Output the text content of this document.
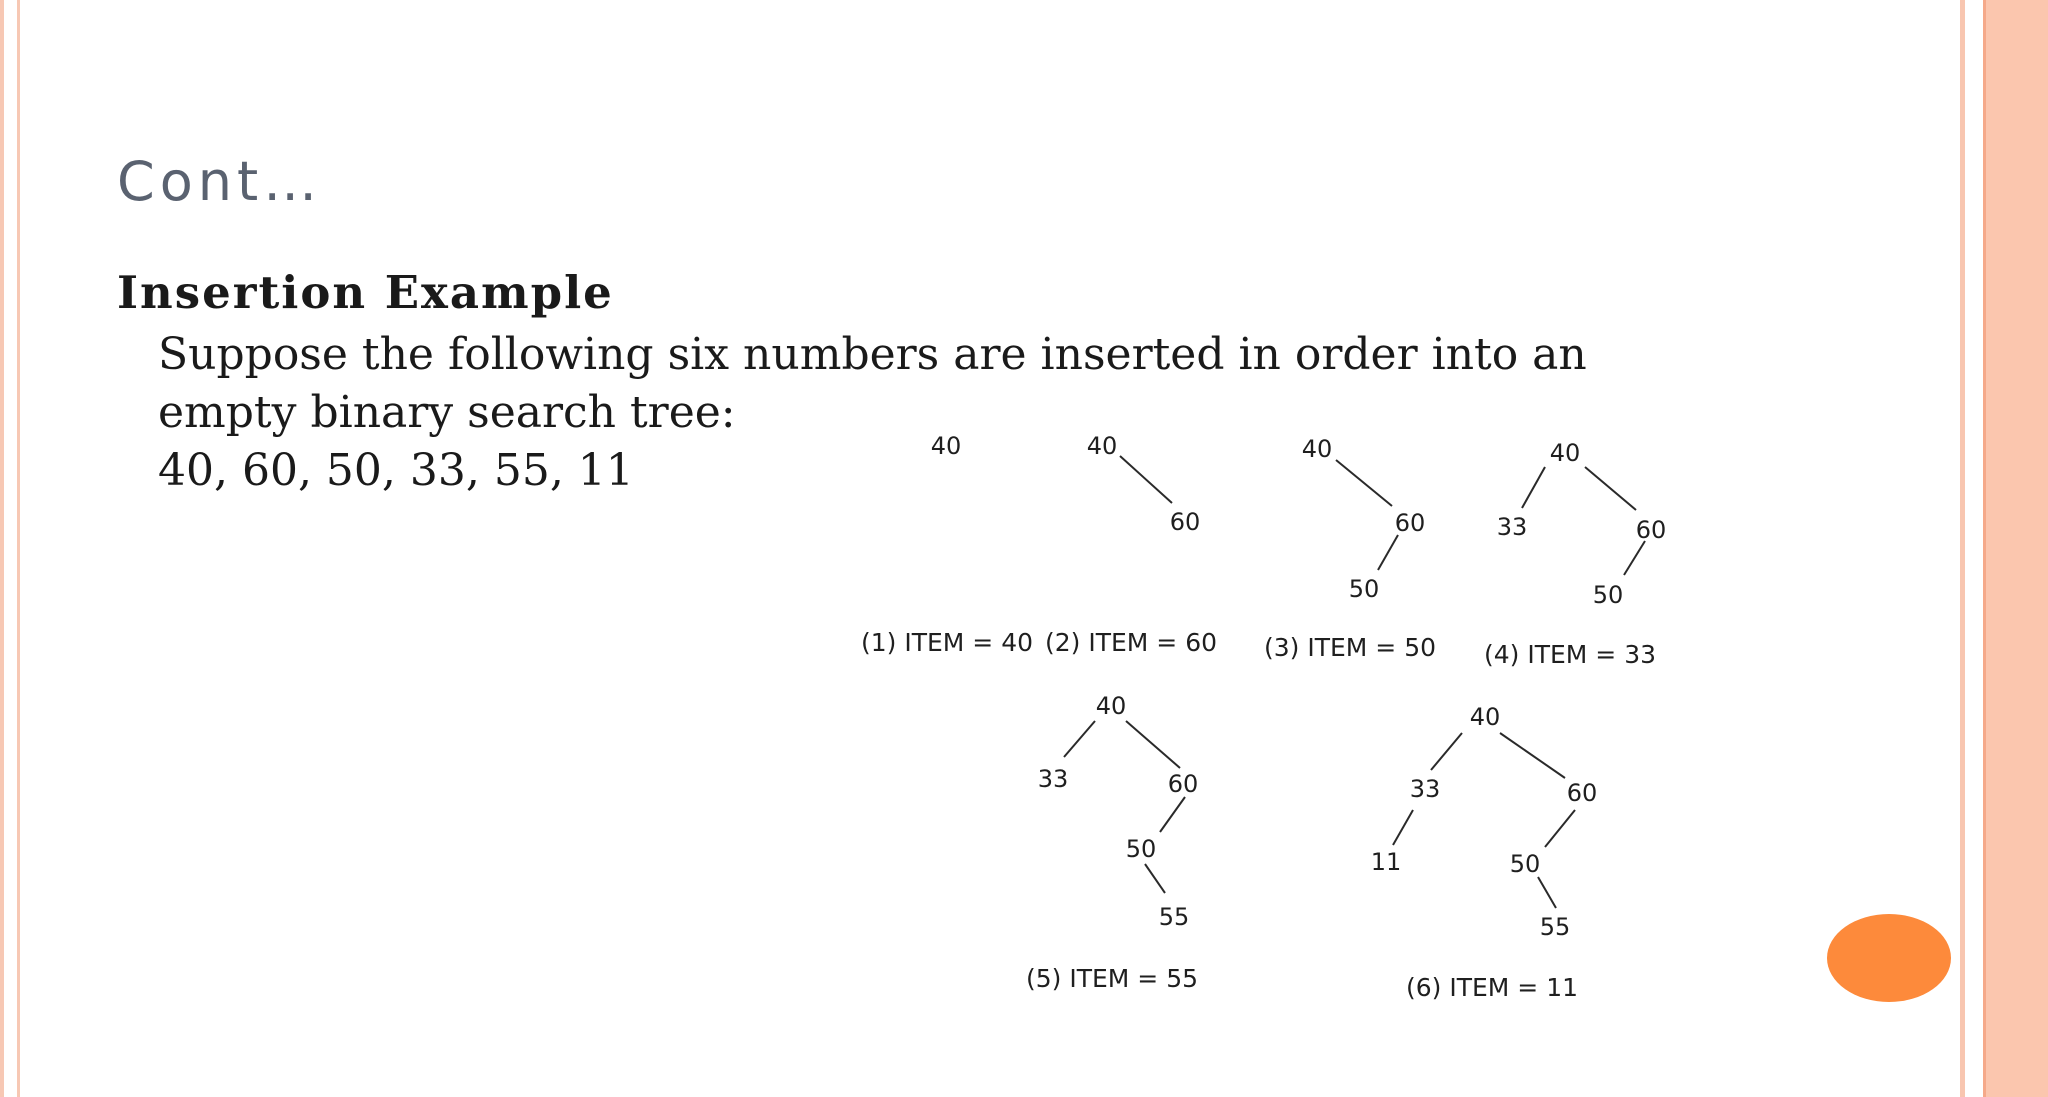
Cont…
Insertion Example
Suppose the following six numbers are inserted in order into an
empty binary search tree:
40, 60, 50, 33, 55, 11	40
(1) ITEM = 40
40
60
(2) ITEM = 60
40
60
50
(3) ITEM = 50
40
33	60
50
(4) ITEM = 33
40
33	60
50
55
(5) ITEM = 55
40
33	60
11	50
55
(6) ITEM = 11
